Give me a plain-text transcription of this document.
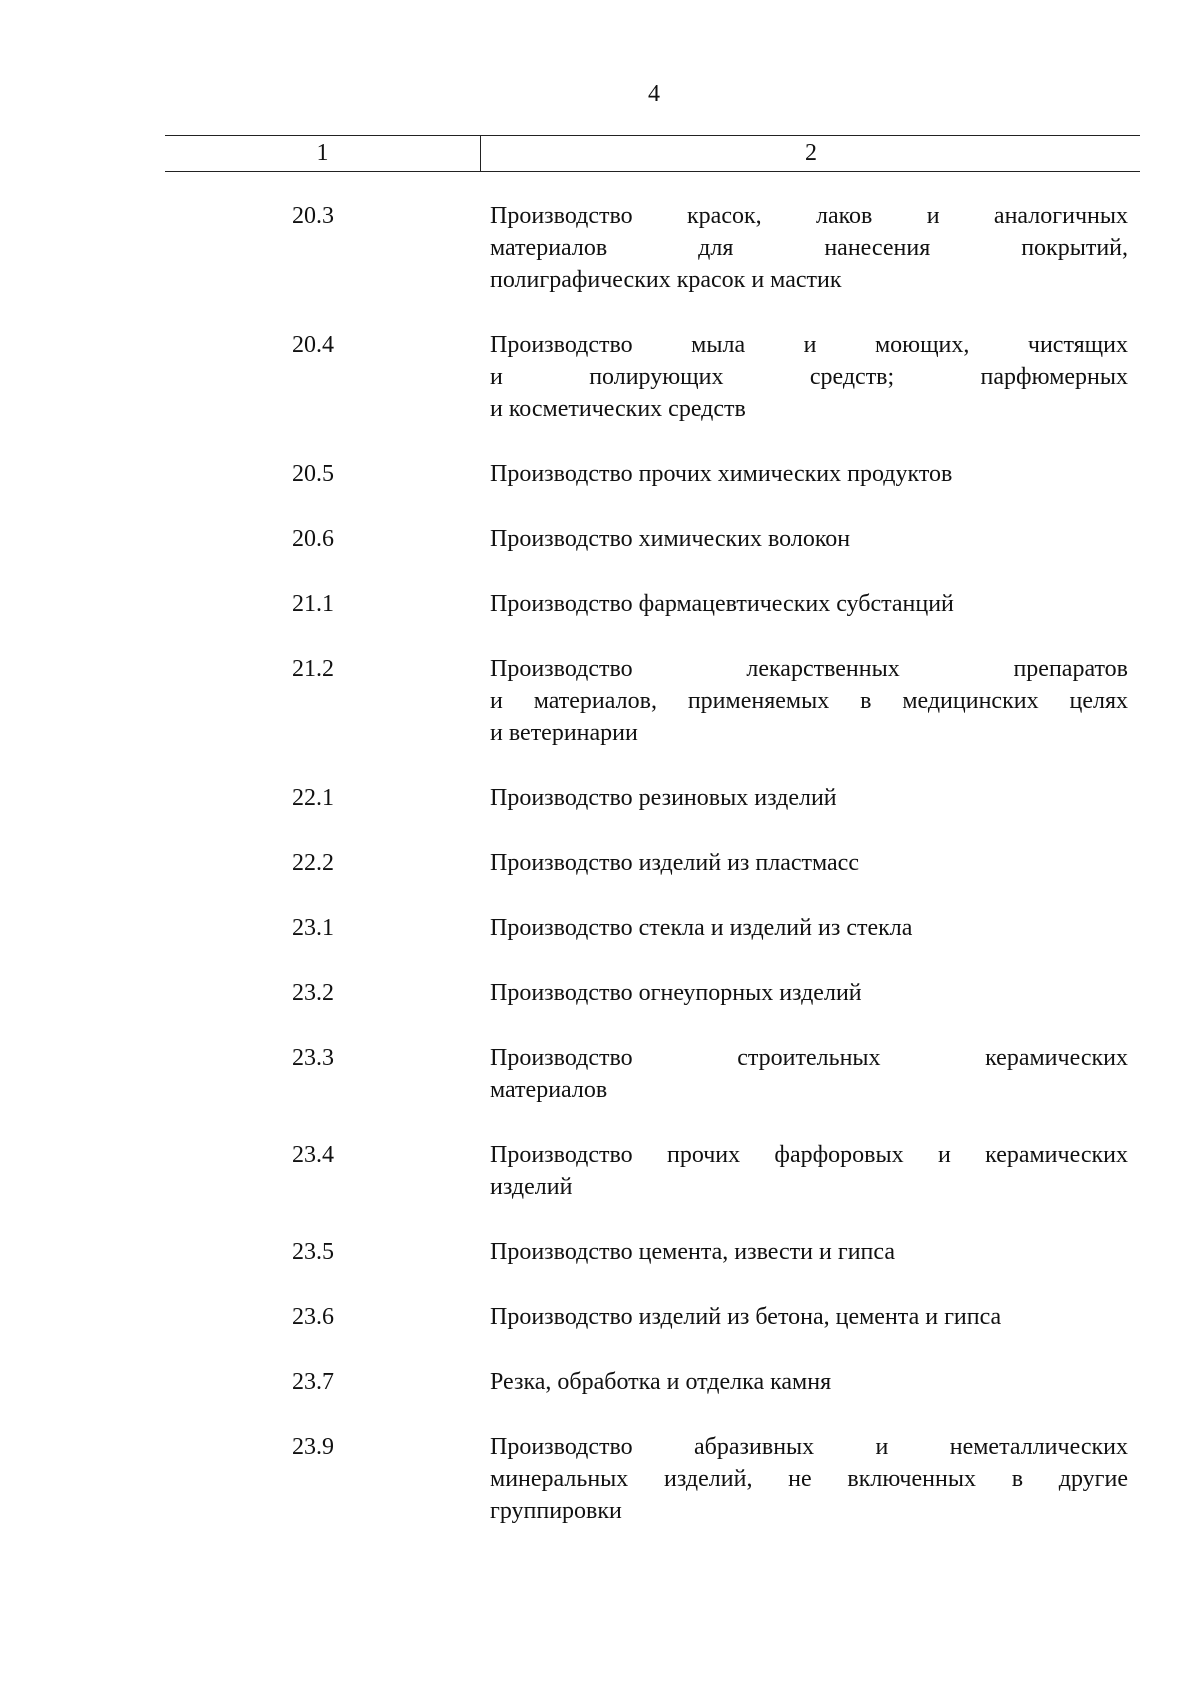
4
1	2
20.3	Производство красок, лаков и аналогичных
материалов для нанесения покрытий,
полиграфических красок и мастик
20.4	Производство мыла и моющих, чистящих
и полирующих средств; парфюмерных
и косметических средств
20.5	Производство прочих химических продуктов
20.6	Производство химических волокон
21.1	Производство фармацевтических субстанций
21.2	Производство лекарственных препаратов
и материалов, применяемых в медицинских целях
и ветеринарии
22.1	Производство резиновых изделий
22.2	Производство изделий из пластмасс
23.1	Производство стекла и изделий из стекла
23.2	Производство огнеупорных изделий
23.3	Производство строительных керамических
материалов
23.4	Производство прочих фарфоровых и керамических
изделий
23.5	Производство цемента, извести и гипса
23.6	Производство изделий из бетона, цемента и гипса
23.7	Резка, обработка и отделка камня
23.9	Производство абразивных и неметаллических
минеральных изделий, не включенных в другие
группировки
